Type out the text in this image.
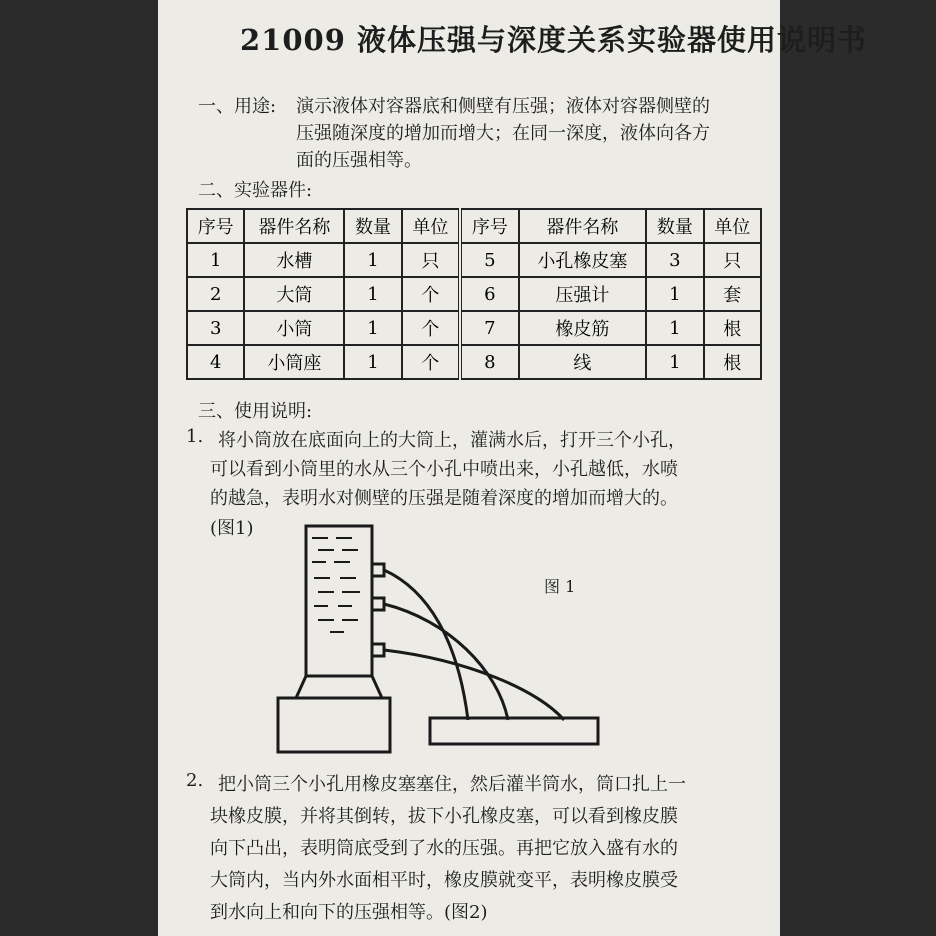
21009 液体压强与深度关系实验器使用说明书
一、用途: 演示液体对容器底和侧壁有压强；液体对容器侧壁的
压强随深度的增加而增大；在同一深度，液体向各方
面的压强相等。
二、实验器件:
序号	器件名称	数量	单位	序号	器件名称	数量	单位
1	水槽	1	只	5	小孔橡皮塞	3	只
2	大筒	1	个	6	压强计	1	套
3	小筒	1	个	7	橡皮筋	1	根
4	小筒座	1	个	8	线	1	根
三、使用说明:
1. 将小筒放在底面向上的大筒上，灌满水后，打开三个小孔，
可以看到小筒里的水从三个小孔中喷出来，小孔越低，水喷
的越急，表明水对侧壁的压强是随着深度的增加而增大的。
(图1)
图 1
2. 把小筒三个小孔用橡皮塞塞住，然后灌半筒水，筒口扎上一
块橡皮膜，并将其倒转，拔下小孔橡皮塞，可以看到橡皮膜
向下凸出，表明筒底受到了水的压强。再把它放入盛有水的
大筒内，当内外水面相平时，橡皮膜就变平，表明橡皮膜受
到水向上和向下的压强相等。(图2)
